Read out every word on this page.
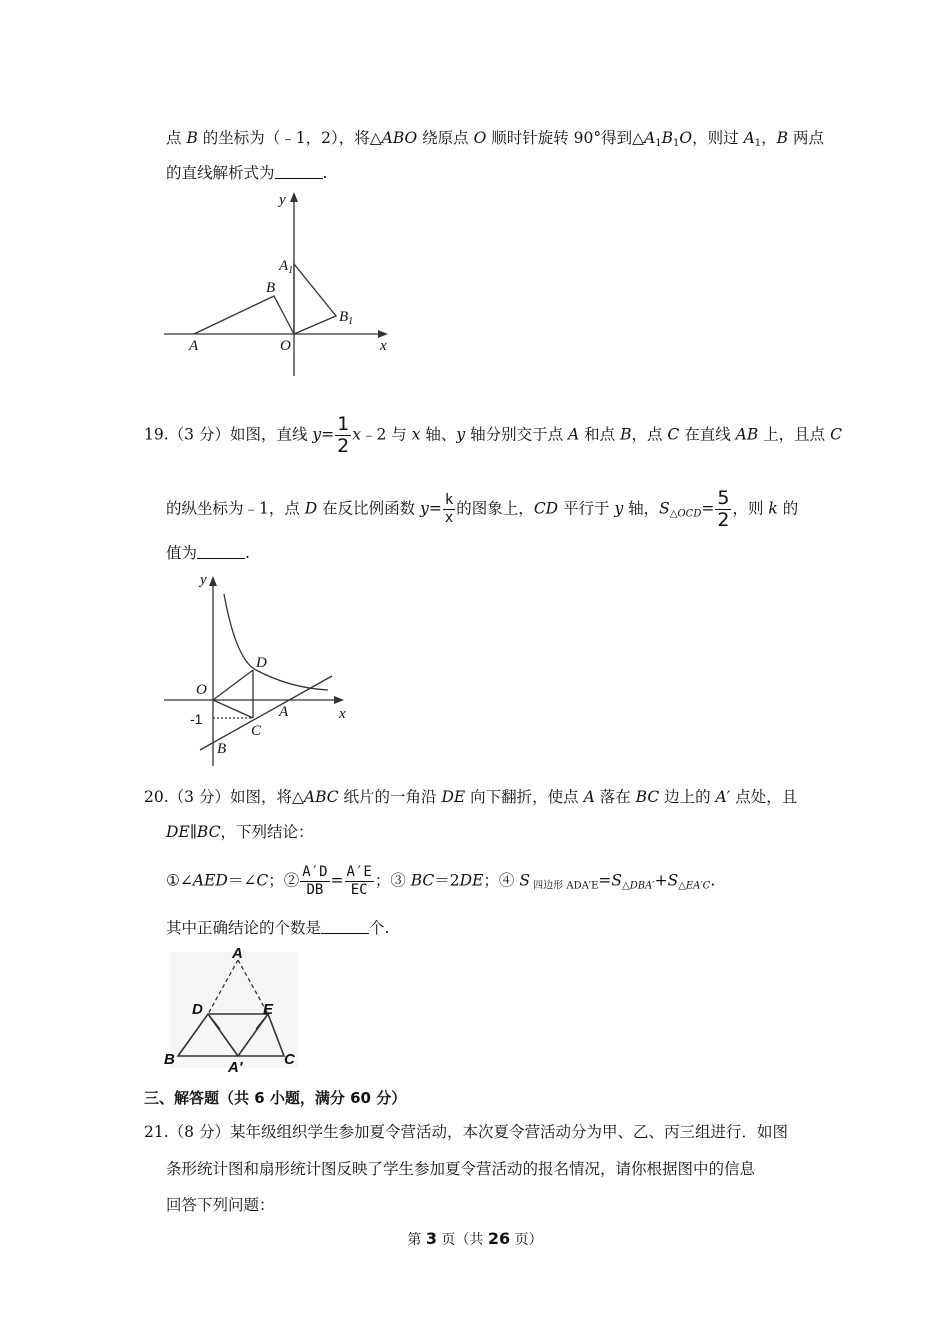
点 B 的坐标为（﹣1，2），将△ABO 绕原点 O 顺时针旋转 90°得到$\triangle A_1B_1O$，则过 $A_1$，B 两点
的直线解析式为	.
y
$A_1$
B
$B_1$
A	O	x
19.（3 分）如图，直线 $y= \frac{1}{2}$ x﹣2 与 x 轴、y 轴分别交于点 A 和点 B，点 C 在直线 AB 上，且点 C
的纵坐标为﹣1，点 D 在反比例函数 $y= \frac{k}{x}$ 的图象上，CD 平行于 y 轴，$S_{\triangle OCD}= \frac{5}{2}$ ，则 k 的
值为	.
y
O
D
A	x
-1
C
B
20.（3 分）如图，将△ABC 纸片的一角沿 DE 向下翻折，使点 A 落在 BC 边上的 A′ 点处，且
DE∥BC，下列结论：
①∠AED＝∠C；② $\frac{A'D}{DB} = \frac{A'E}{EC}$ ；③ BC＝2DE；④ S $_{四边形 ADA'E}=S_{\triangle DBA'}+S_{\triangle EA'C}$.
其中正确结论的个数是	个.
A
D	E
B	A′	C
三、解答题（共 6 小题，满分 60 分）
21.（8 分）某年级组织学生参加夏令营活动，本次夏令营活动分为甲、乙、丙三组进行．如图
条形统计图和扇形统计图反映了学生参加夏令营活动的报名情况，请你根据图中的信息
回答下列问题：
第 3 页（共 26 页）
